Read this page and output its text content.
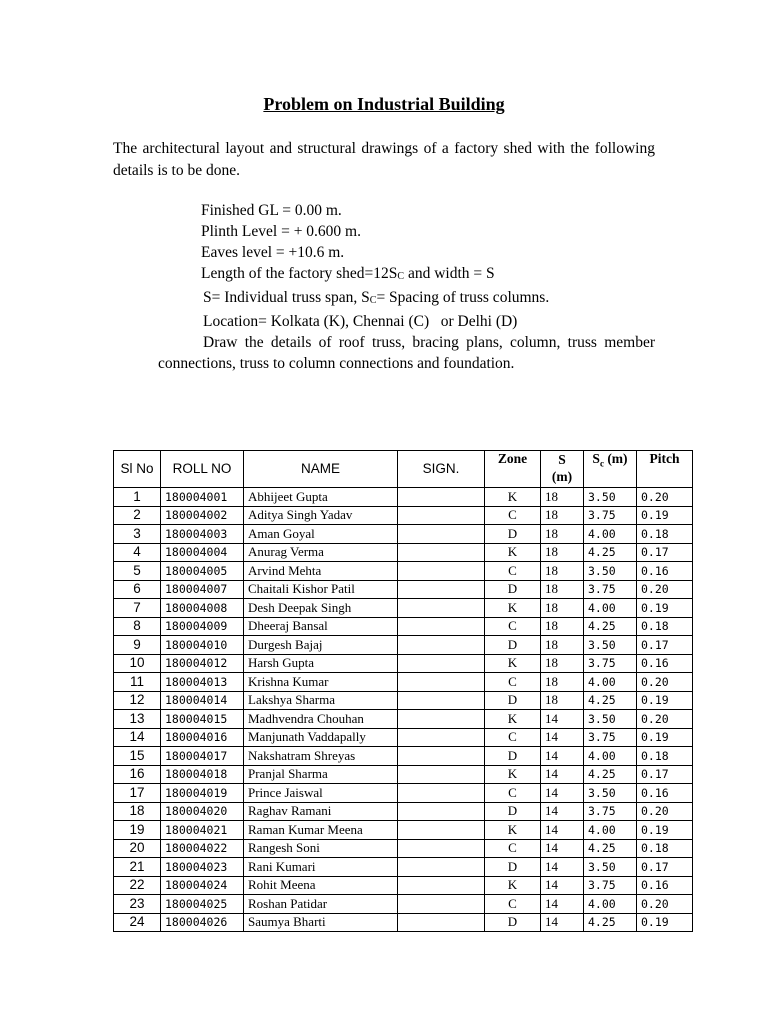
Problem on Industrial Building
The architectural layout and structural drawings of a factory shed with the following details is to be done.
Finished GL = 0.00 m.
Plinth Level = + 0.600 m.
Eaves level = +10.6 m.
Length of the factory $shed=12S_C$ and width = S
S= Individual truss span, $S_C=$ Spacing of truss columns.
Location= Kolkata (K), Chennai (C)   or Delhi (D)
Draw the details of roof truss, bracing plans, column, truss member connections, truss to column connections and foundation.
Sl No	ROLL NO	NAME	SIGN.	Zone	S (m)	$S_c$ (m)	Pitch
1	180004001	Abhijeet Gupta		K	18	3.50	0.20
2	180004002	Aditya Singh Yadav		C	18	3.75	0.19
3	180004003	Aman Goyal		D	18	4.00	0.18
4	180004004	Anurag Verma		K	18	4.25	0.17
5	180004005	Arvind Mehta		C	18	3.50	0.16
6	180004007	Chaitali Kishor Patil		D	18	3.75	0.20
7	180004008	Desh Deepak Singh		K	18	4.00	0.19
8	180004009	Dheeraj Bansal		C	18	4.25	0.18
9	180004010	Durgesh Bajaj		D	18	3.50	0.17
10	180004012	Harsh Gupta		K	18	3.75	0.16
11	180004013	Krishna Kumar		C	18	4.00	0.20
12	180004014	Lakshya Sharma		D	18	4.25	0.19
13	180004015	Madhvendra Chouhan		K	14	3.50	0.20
14	180004016	Manjunath Vaddapally		C	14	3.75	0.19
15	180004017	Nakshatram Shreyas		D	14	4.00	0.18
16	180004018	Pranjal Sharma		K	14	4.25	0.17
17	180004019	Prince Jaiswal		C	14	3.50	0.16
18	180004020	Raghav Ramani		D	14	3.75	0.20
19	180004021	Raman Kumar Meena		K	14	4.00	0.19
20	180004022	Rangesh Soni		C	14	4.25	0.18
21	180004023	Rani Kumari		D	14	3.50	0.17
22	180004024	Rohit Meena		K	14	3.75	0.16
23	180004025	Roshan Patidar		C	14	4.00	0.20
24	180004026	Saumya Bharti		D	14	4.25	0.19
